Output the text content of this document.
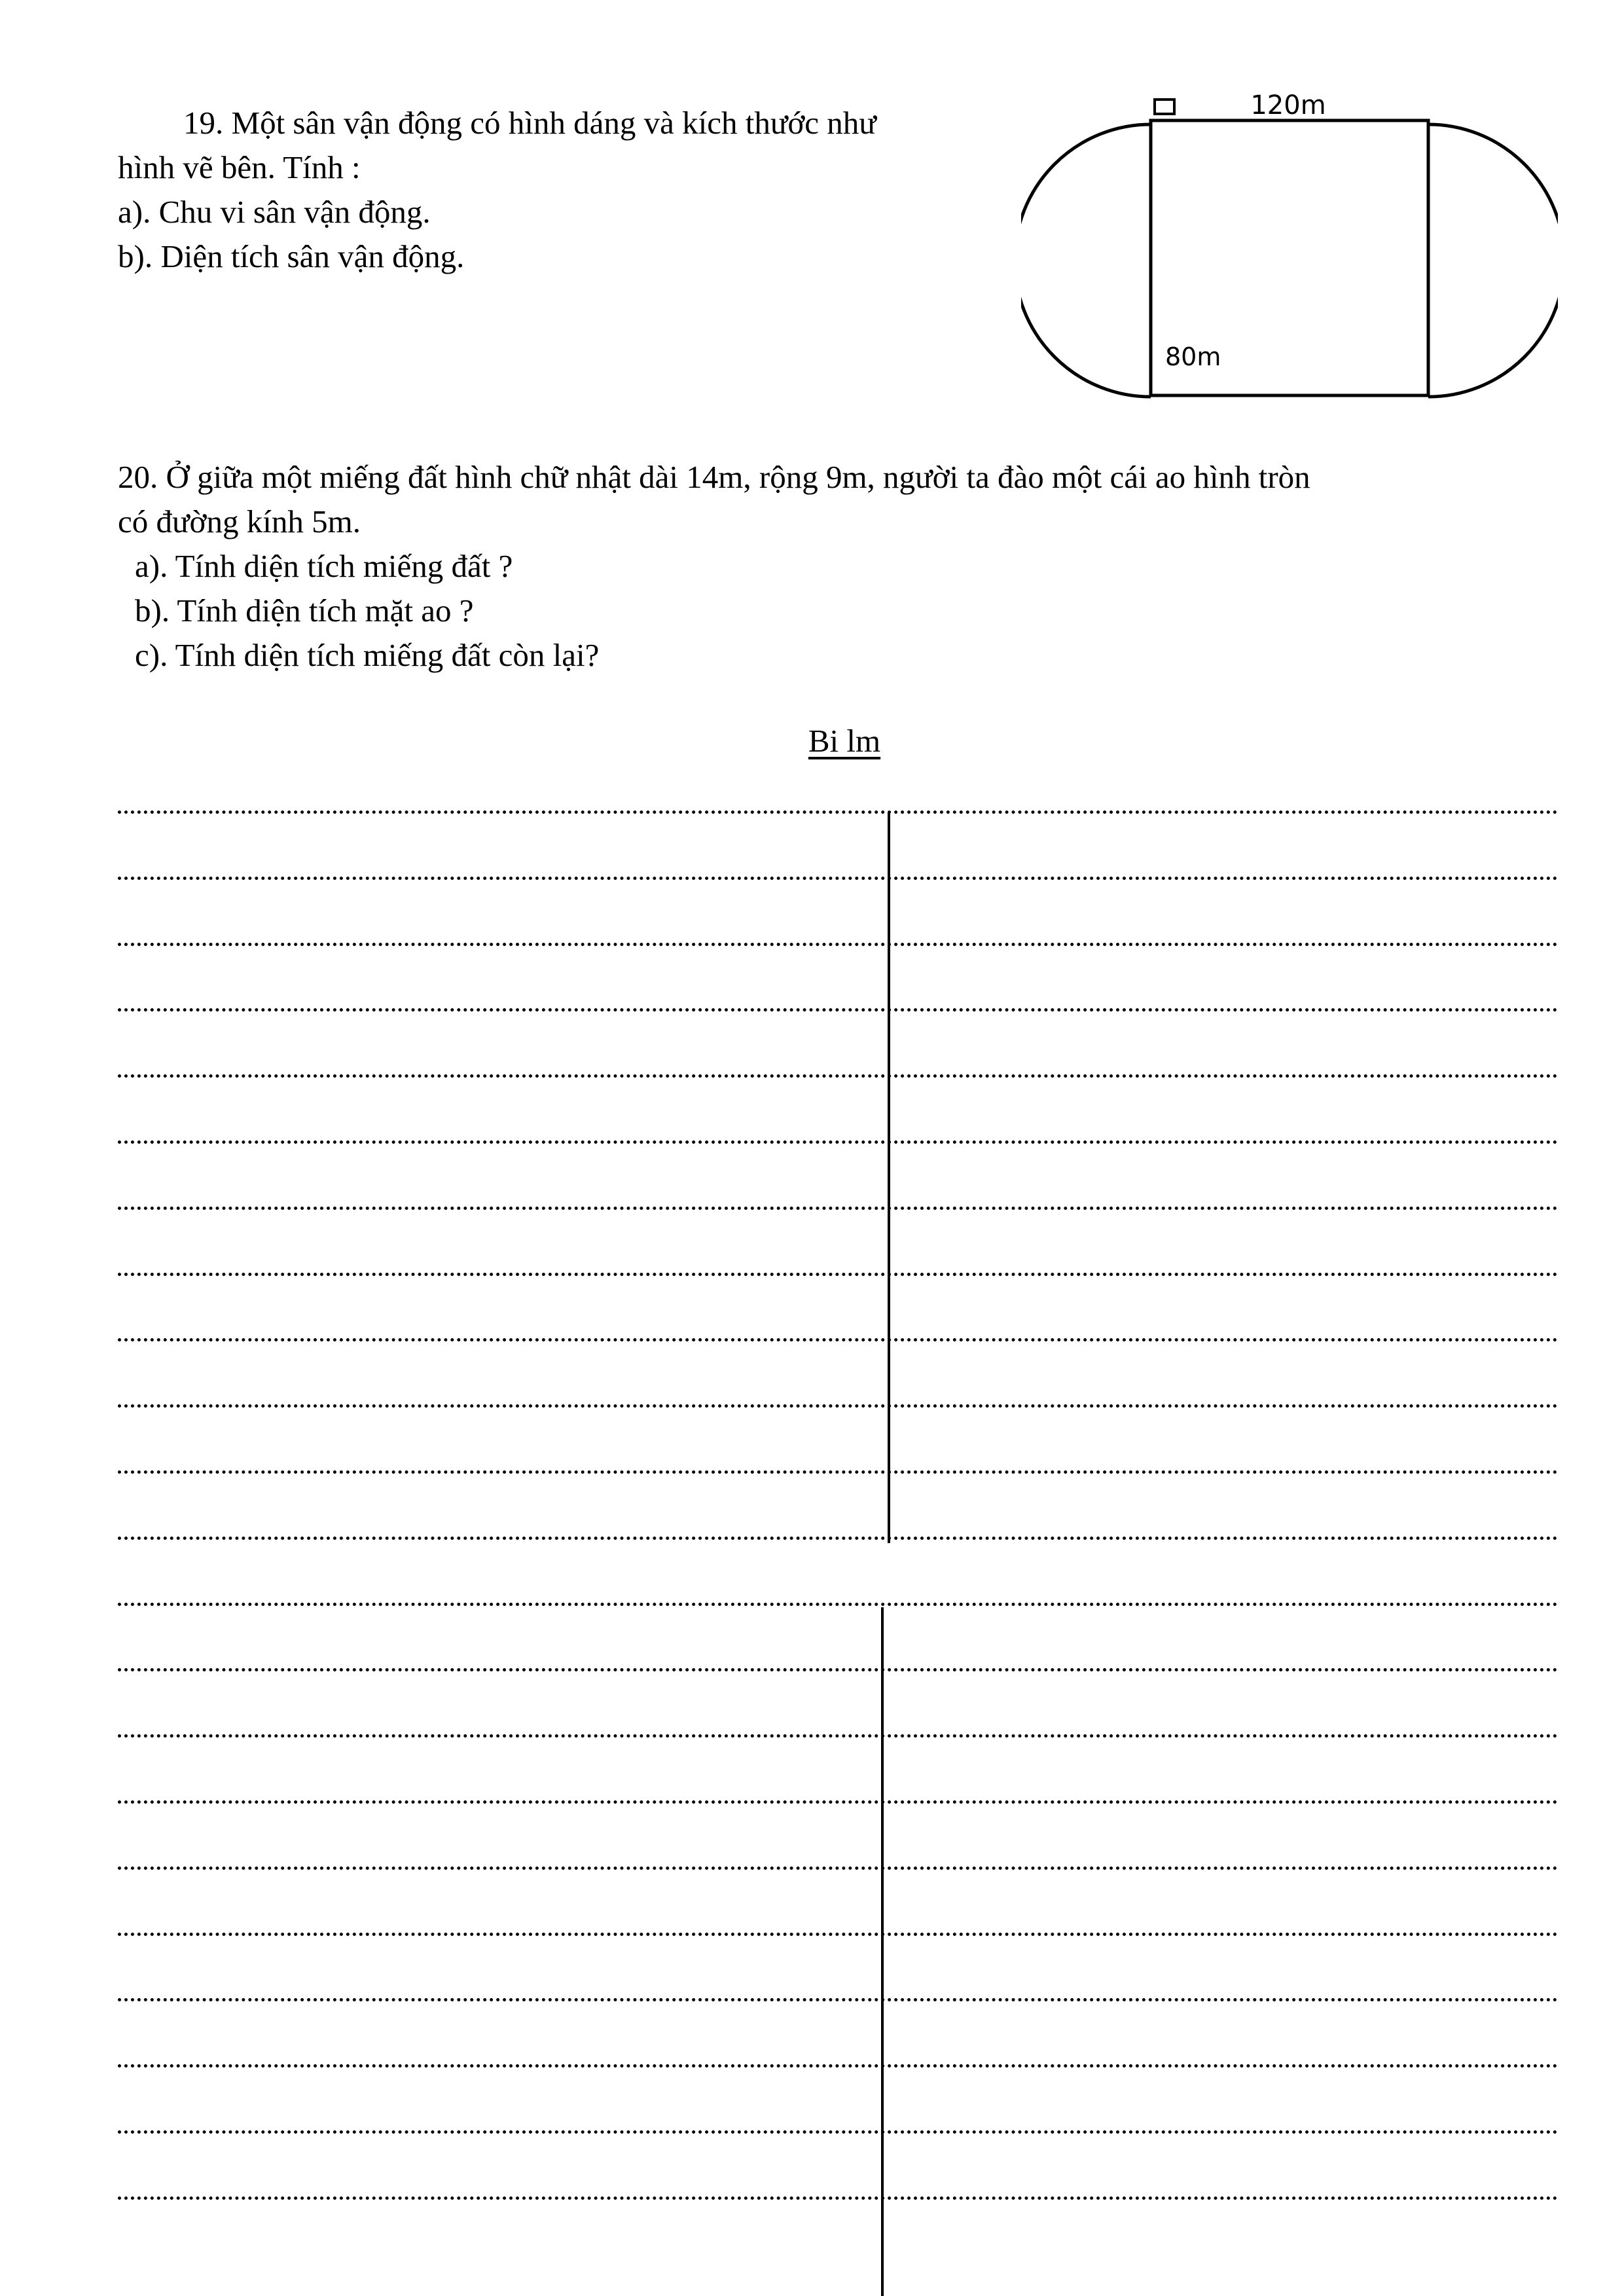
19. Một sân vận động có hình dáng và kích thước như
hình vẽ bên. Tính :
a). Chu vi sân vận động.
b). Diện tích sân vận động.
120m
80m
20. Ở giữa một miếng đất hình chữ nhật dài 14m, rộng 9m, người ta đào một cái ao hình tròn
có đường kính 5m.
a). Tính diện tích miếng đất ?
b). Tính diện tích mặt ao ?
c). Tính diện tích miếng đất còn lại?
Bi lm
